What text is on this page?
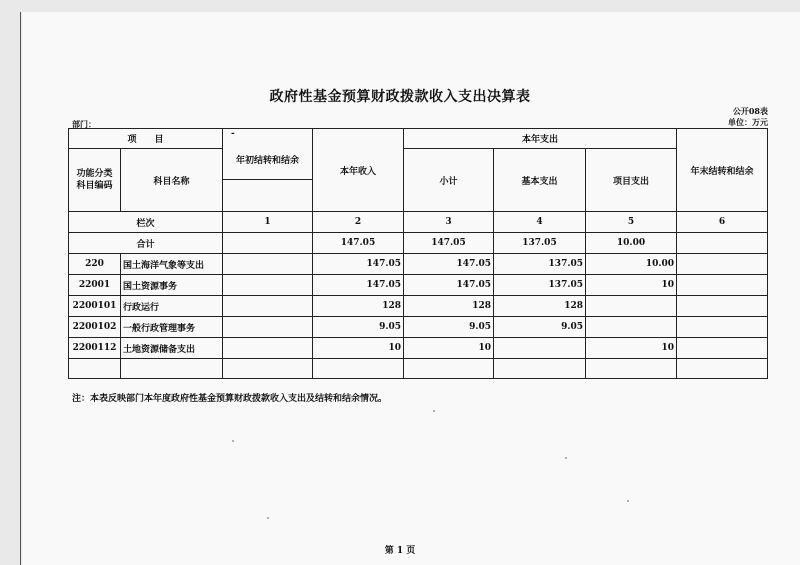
政府性基金预算财政拨款收入支出决算表
公开08表
单位：万元
部门：
项　　目		-
年初结转和结余	本年收入	本年支出			年末结转和结余

功能分类
科目编码	科目名称			小计	基本支出	项目支出	

栏次		1	2	3	4	5	6
合计			147.05	147.05	137.05	10.00	
220	国土海洋气象等支出		147.05	147.05	137.05	10.00	
22001	国土资源事务		147.05	147.05	137.05	10	
2200101	行政运行		128	128	128		
2200102	一般行政管理事务		9.05	9.05	9.05		
2200112	土地资源储备支出		10	10		10	

注：本表反映部门本年度政府性基金预算财政拨款收入支出及结转和结余情况。
第 1 页
